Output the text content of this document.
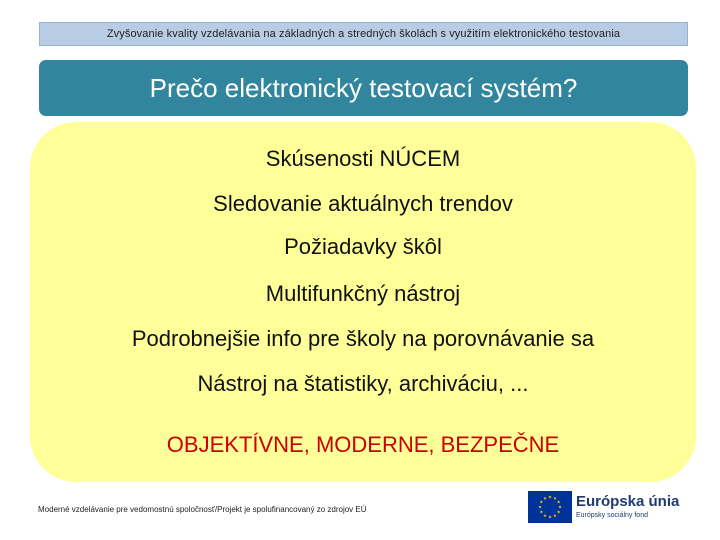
Zvyšovanie kvality vzdelávania na základných a stredných školách s využitím elektronického testovania
Prečo elektronický testovací systém?
Skúsenosti NÚCEM
Sledovanie aktuálnych trendov
Požiadavky škôl
Multifunkčný nástroj
Podrobnejšie info pre školy na porovnávanie sa
Nástroj na štatistiky, archiváciu, ...
OBJEKTÍVNE, MODERNE, BEZPEČNE
Moderné vzdelávanie pre vedomostnú spoločnosť/Projekt je spolufinancovaný zo zdrojov EÚ	Európska únia
Európsky sociálny fond
